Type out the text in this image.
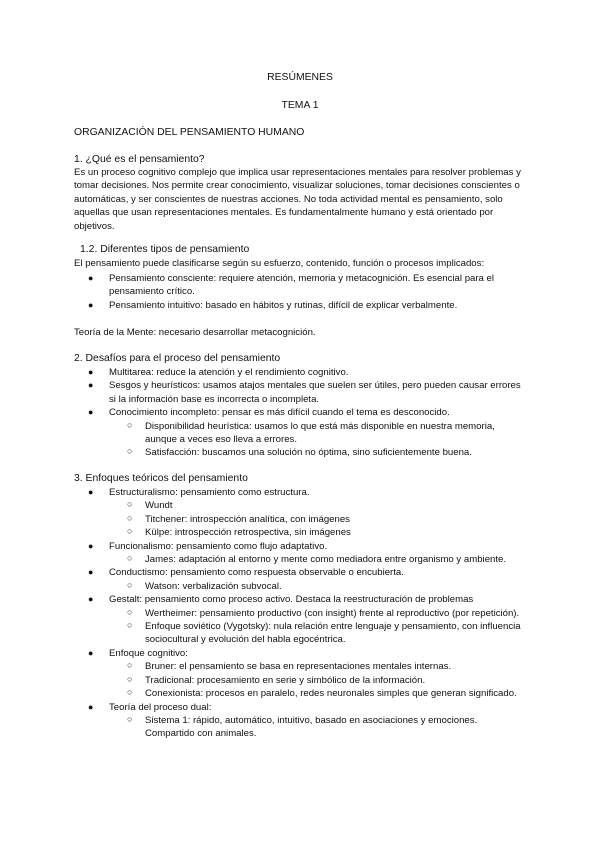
RESÚMENES
TEMA 1
ORGANIZACIÓN DEL PENSAMIENTO HUMANO
1. ¿Qué es el pensamiento?

Es un proceso cognitivo complejo que implica usar representaciones mentales para resolver problemas y tomar decisiones. Nos permite crear conocimiento, visualizar soluciones, tomar decisiones conscientes o automáticas, y ser conscientes de nuestras acciones. No toda actividad mental es pensamiento, solo aquellas que usan representaciones mentales. Es fundamentalmente humano y está orientado por objetivos.

1.2. Diferentes tipos de pensamiento

El pensamiento puede clasificarse según su esfuerzo, contenido, función o procesos implicados:

● Pensamiento consciente: requiere atención, memoria y metacognición. Es esencial para el pensamiento crítico.
● Pensamiento intuitivo: basado en hábitos y rutinas, difícil de explicar verbalmente.

Teoría de la Mente: necesario desarrollar metacognición.

2. Desafíos para el proceso del pensamiento
● Multitarea: reduce la atención y el rendimiento cognitivo.
● Sesgos y heurísticos: usamos atajos mentales que suelen ser útiles, pero pueden causar errores si la información base es incorrecta o incompleta.
● Conocimiento incompleto: pensar es más difícil cuando el tema es desconocido.
○ Disponibilidad heurística: usamos lo que está más disponible en nuestra memoria, aunque a veces eso lleva a errores.
○ Satisfacción: buscamos una solución no óptima, sino suficientemente buena.
3. Enfoques teóricos del pensamiento
● Estructuralismo: pensamiento como estructura.
○ Wundt
○ Titchener: introspección analítica, con imágenes
○ Külpe: introspección retrospectiva, sin imágenes
● Funcionalismo: pensamiento como flujo adaptativo.
○ James: adaptación al entorno y mente como mediadora entre organismo y ambiente.
● Conductismo: pensamiento como respuesta observable o encubierta.
○ Watson: verbalización subvocal.
● Gestalt: pensamiento como proceso activo. Destaca la reestructuración de problemas
○ Wertheimer: pensamiento productivo (con insight) frente al reproductivo (por repetición).
○ Enfoque soviético (Vygotsky): nula relación entre lenguaje y pensamiento, con influencia sociocultural y evolución del habla egocéntrica.
● Enfoque cognitivo:
○ Bruner: el pensamiento se basa en representaciones mentales internas.
○ Tradicional: procesamiento en serie y simbólico de la información.
○ Conexionista: procesos en paralelo, redes neuronales simples que generan significado.
● Teoría del proceso dual:
○ Sistema 1: rápido, automático, intuitivo, basado en asociaciones y emociones. Compartido con animales.
